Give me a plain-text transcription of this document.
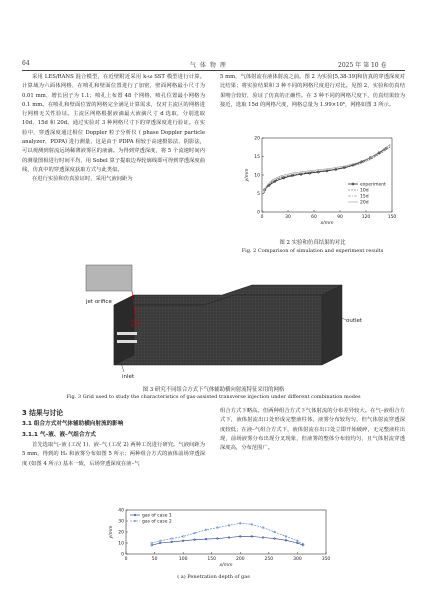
64	气 体 物 理	2025 年 第 10 卷

采用 LES/RANS 混合模型，在近壁附近采用 k-ω SST 模型进行计算。计算域为六面体网格，在喷孔和壁面位置进行了加密，壁面网格最小尺寸为 0.01 mm，增长因子为 1.1；喷孔上布置 48 个网格，喷孔位置最小网格为 0.1 mm。在喷孔和壁面位置的网格完全满足计算需求，仅对主流区的网格进行网格无关性验证。主流区网格根据液滴最大液滴尺寸 d 选取，分别选取 10d、15d 和 20d。通过实验对 3 种网格尺寸下的穿透深度进行验证。在实验中，穿透深度通过相位 Doppler 粒子分析仪 ( phase Doppler particle analyzer，PDPA) 进行测量，这是由于 PDPA 相较于高速摄影法、阴影法，可以观测到射流远场稀薄液雾区的液滴。为得到穿透深度，将 5 个流速时间内的测量图相进行时间平均，用 Sobel 算子提取边界轮廓线即可得到穿透深度曲线，仿真中的穿透深度获取方式与此类似。

在进行实验和仿真验证时，采用气液间距为

5 mm，气体射流在液体射流之前。图 2 为实验[5,38-39]和仿真的穿透深度对比结果；将实验结果和 3 种不同的网格尺度进行对比。见图 2，实验和仿真结果吻合较好，验证了仿真的正确性。在 3 种不同的网格尺度下，仿真结果较为接近，选取 15d 的网格尺度，网格总量为 1.99×10⁶，网格如图 3 所示。

0	30	60	90	120	150
0
5
10
15
20
x/mm
y/mm
experiment
10d
15d
20d
图 2 实验和仿真结果的对比
Fig. 2 Comparison of simulation and experiment results
jet orifice
outlet
inlet
图 3 研究不同组合方式下气体辅助横向射流特征采用的网格
Fig. 3 Grid used to study the characteristics of gas-assisted transverse injection under different combination modes
3 结果与讨论
3.1 组合方式对气体辅助横向射流的影响
3.1.1 气–液、液–气组合方式

首先选取气–液 (工况 1)、液–气 (工况 2) 两种工况进行研究。气液间距为 5 mm，得到的 H₂ 和液雾分布如图 5 所示；两种组合方式的液体前场穿透深度 (如图 4 所示) 基本一致，后场穿透深度在液–气

组合方式下略高。但两种组合方式下气体射流的分布差异较大。在气–液组合方式下，液体射流出口处形成完整液柱体，液雾分布较均匀，但气体射流穿透深度较低；在液–气组合方式下，液体射流在出口处立即开始破碎，无完整液柱出现，前场液雾分布出现分叉现象，但液雾的整体分布较均匀，且气体射流穿透深度高，分布范围广。

0	50	100	150	200	250	300	350
0
10
20
30
40
x/mm
y/mm
gas of case 1
gas of case 2
( a) Penetration depth of gas
